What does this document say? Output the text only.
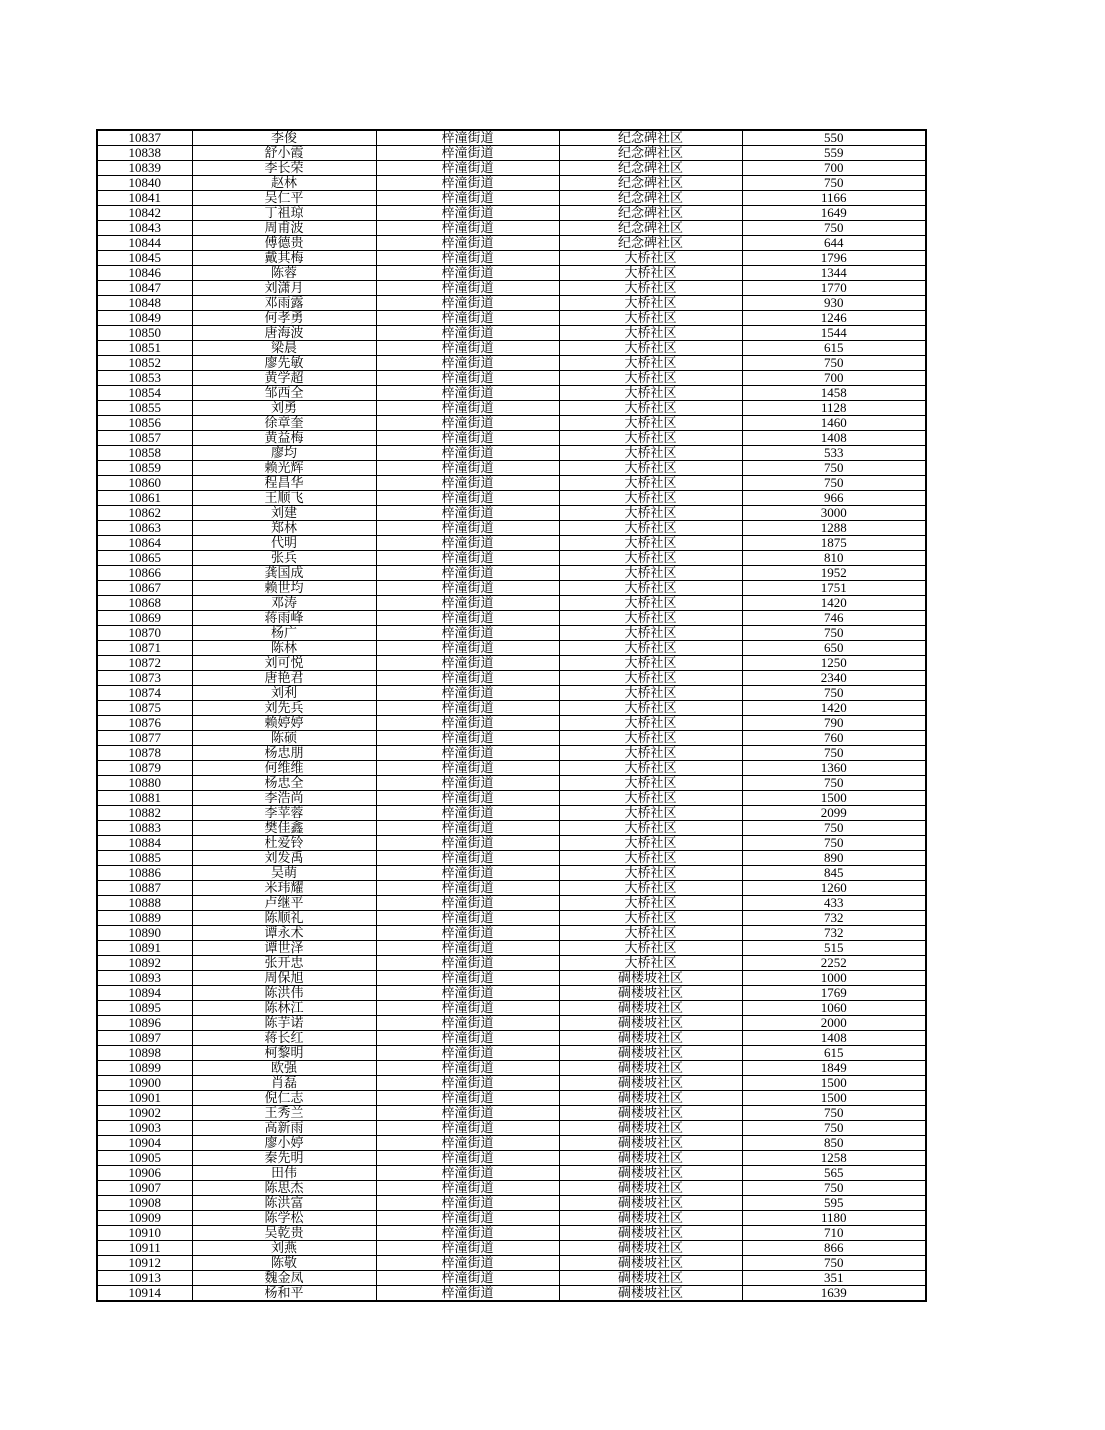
10837	李俊	梓潼街道	纪念碑社区	550
10838	舒小霞	梓潼街道	纪念碑社区	559
10839	李长荣	梓潼街道	纪念碑社区	700
10840	赵林	梓潼街道	纪念碑社区	750
10841	吴仁平	梓潼街道	纪念碑社区	1166
10842	丁祖琼	梓潼街道	纪念碑社区	1649
10843	周甫波	梓潼街道	纪念碑社区	750
10844	傅德贵	梓潼街道	纪念碑社区	644
10845	戴其梅	梓潼街道	大桥社区	1796
10846	陈蓉	梓潼街道	大桥社区	1344
10847	刘潇月	梓潼街道	大桥社区	1770
10848	邓雨露	梓潼街道	大桥社区	930
10849	何孝勇	梓潼街道	大桥社区	1246
10850	唐海波	梓潼街道	大桥社区	1544
10851	梁晨	梓潼街道	大桥社区	615
10852	廖先敏	梓潼街道	大桥社区	750
10853	黄学超	梓潼街道	大桥社区	700
10854	邹西全	梓潼街道	大桥社区	1458
10855	刘勇	梓潼街道	大桥社区	1128
10856	徐章奎	梓潼街道	大桥社区	1460
10857	黄益梅	梓潼街道	大桥社区	1408
10858	廖均	梓潼街道	大桥社区	533
10859	赖光辉	梓潼街道	大桥社区	750
10860	程昌华	梓潼街道	大桥社区	750
10861	王顺飞	梓潼街道	大桥社区	966
10862	刘建	梓潼街道	大桥社区	3000
10863	郑林	梓潼街道	大桥社区	1288
10864	代明	梓潼街道	大桥社区	1875
10865	张兵	梓潼街道	大桥社区	810
10866	龚国成	梓潼街道	大桥社区	1952
10867	赖世均	梓潼街道	大桥社区	1751
10868	邓涛	梓潼街道	大桥社区	1420
10869	蒋雨峰	梓潼街道	大桥社区	746
10870	杨广	梓潼街道	大桥社区	750
10871	陈林	梓潼街道	大桥社区	650
10872	刘可悦	梓潼街道	大桥社区	1250
10873	唐艳君	梓潼街道	大桥社区	2340
10874	刘利	梓潼街道	大桥社区	750
10875	刘先兵	梓潼街道	大桥社区	1420
10876	赖婷婷	梓潼街道	大桥社区	790
10877	陈硕	梓潼街道	大桥社区	760
10878	杨忠朋	梓潼街道	大桥社区	750
10879	何维维	梓潼街道	大桥社区	1360
10880	杨忠全	梓潼街道	大桥社区	750
10881	李浩尚	梓潼街道	大桥社区	1500
10882	李苹蓉	梓潼街道	大桥社区	2099
10883	樊佳鑫	梓潼街道	大桥社区	750
10884	杜爱铃	梓潼街道	大桥社区	750
10885	刘发禹	梓潼街道	大桥社区	890
10886	吴萌	梓潼街道	大桥社区	845
10887	米玮耀	梓潼街道	大桥社区	1260
10888	卢继平	梓潼街道	大桥社区	433
10889	陈顺礼	梓潼街道	大桥社区	732
10890	谭永术	梓潼街道	大桥社区	732
10891	谭世泽	梓潼街道	大桥社区	515
10892	张开忠	梓潼街道	大桥社区	2252
10893	周保旭	梓潼街道	碉楼坡社区	1000
10894	陈洪伟	梓潼街道	碉楼坡社区	1769
10895	陈林江	梓潼街道	碉楼坡社区	1060
10896	陈芋诺	梓潼街道	碉楼坡社区	2000
10897	蒋长红	梓潼街道	碉楼坡社区	1408
10898	柯黎明	梓潼街道	碉楼坡社区	615
10899	欧强	梓潼街道	碉楼坡社区	1849
10900	肖磊	梓潼街道	碉楼坡社区	1500
10901	倪仁志	梓潼街道	碉楼坡社区	1500
10902	王秀兰	梓潼街道	碉楼坡社区	750
10903	高新雨	梓潼街道	碉楼坡社区	750
10904	廖小婷	梓潼街道	碉楼坡社区	850
10905	秦先明	梓潼街道	碉楼坡社区	1258
10906	田伟	梓潼街道	碉楼坡社区	565
10907	陈思杰	梓潼街道	碉楼坡社区	750
10908	陈洪富	梓潼街道	碉楼坡社区	595
10909	陈学松	梓潼街道	碉楼坡社区	1180
10910	吴乾贵	梓潼街道	碉楼坡社区	710
10911	刘燕	梓潼街道	碉楼坡社区	866
10912	陈敬	梓潼街道	碉楼坡社区	750
10913	魏金凤	梓潼街道	碉楼坡社区	351
10914	杨和平	梓潼街道	碉楼坡社区	1639
